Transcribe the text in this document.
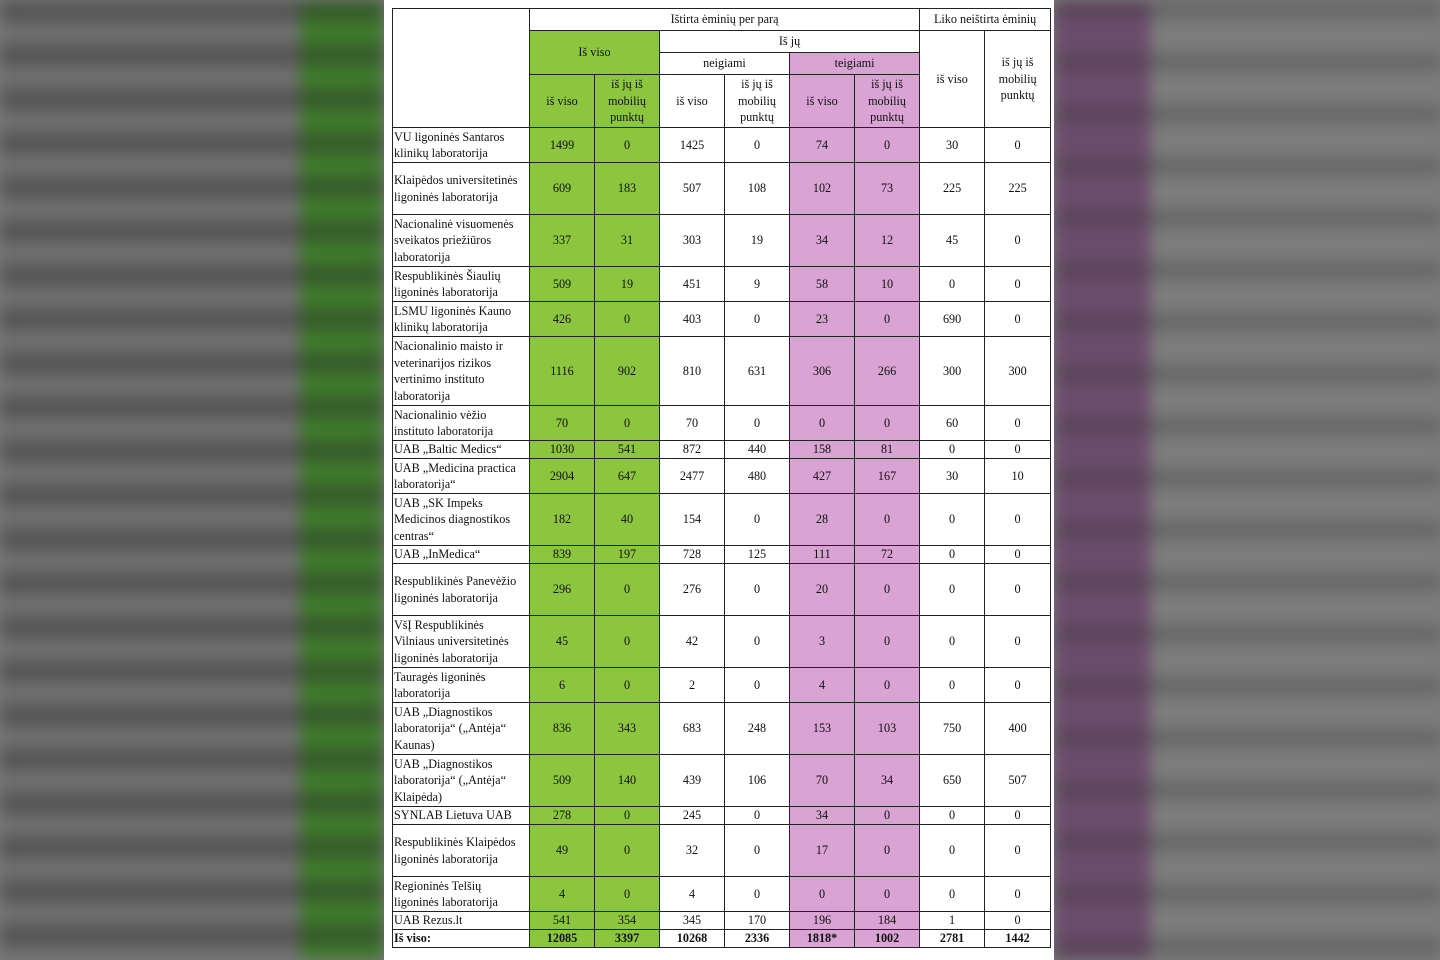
	Ištirta ėminių per parą						Liko neištirta ėminių	
	Iš viso		Iš jų				iš viso	iš jų iš mobilių punktų
			neigiami		teigiami			
	iš viso	iš jų iš mobilių punktų	iš viso	iš jų iš mobilių punktų	iš viso	iš jų iš mobilių punktų		
VU ligoninės Santaros klinikų laboratorija	1499	0	1425	0	74	0	30	0
Klaipėdos universitetinės ligoninės laboratorija	609	183	507	108	102	73	225	225
Nacionalinė visuomenės sveikatos priežiūros laboratorija	337	31	303	19	34	12	45	0
Respublikinės Šiaulių ligoninės laboratorija	509	19	451	9	58	10	0	0
LSMU ligoninės Kauno klinikų laboratorija	426	0	403	0	23	0	690	0
Nacionalinio maisto ir veterinarijos rizikos vertinimo instituto laboratorija	1116	902	810	631	306	266	300	300
Nacionalinio vėžio instituto laboratorija	70	0	70	0	0	0	60	0
UAB „Baltic Medics“	1030	541	872	440	158	81	0	0
UAB „Medicina practica laboratorija“	2904	647	2477	480	427	167	30	10
UAB „SK Impeks Medicinos diagnostikos centras“	182	40	154	0	28	0	0	0
UAB „InMedica“	839	197	728	125	111	72	0	0
Respublikinės Panevėžio ligoninės laboratorija	296	0	276	0	20	0	0	0
VšĮ Respublikinės Vilniaus universitetinės ligoninės laboratorija	45	0	42	0	3	0	0	0
Tauragės ligoninės laboratorija	6	0	2	0	4	0	0	0
UAB „Diagnostikos laboratorija“ („Antėja“ Kaunas)	836	343	683	248	153	103	750	400
UAB „Diagnostikos laboratorija“ („Antėja“ Klaipėda)	509	140	439	106	70	34	650	507
SYNLAB Lietuva UAB	278	0	245	0	34	0	0	0
Respublikinės Klaipėdos ligoninės laboratorija	49	0	32	0	17	0	0	0
Regioninės Telšių ligoninės laboratorija	4	0	4	0	0	0	0	0
UAB Rezus.lt	541	354	345	170	196	184	1	0
Iš viso:	12085	3397	10268	2336	1818*	1002	2781	1442
